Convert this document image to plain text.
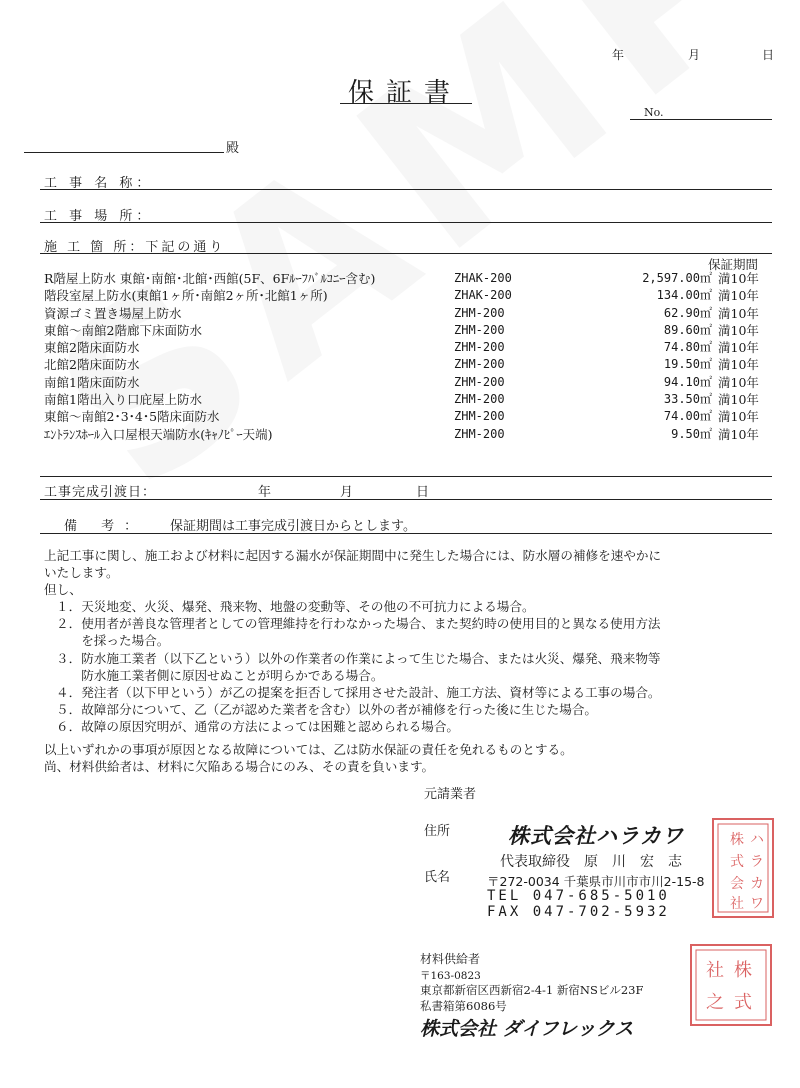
年	月	日
保証書
No.
殿
工 事 名 称：
工 事 場 所：
施 工 箇 所：下記の通り
保証期間
R階屋上防水 東館･南館･北館･西館(5F、6Fﾙｰﾌﾊﾞﾙｺﾆｰ含む)	ZHAK-200	2,597.00㎡	満10年
階段室屋上防水(東館1ヶ所･南館2ヶ所･北館1ヶ所)	ZHAK-200	134.00㎡	満10年
資源ゴミ置き場屋上防水	ZHM-200	62.90㎡	満10年
東館～南館2階廊下床面防水	ZHM-200	89.60㎡	満10年
東館2階床面防水	ZHM-200	74.80㎡	満10年
北館2階床面防水	ZHM-200	19.50㎡	満10年
南館1階床面防水	ZHM-200	94.10㎡	満10年
南館1階出入り口庇屋上防水	ZHM-200	33.50㎡	満10年
東館～南館2･3･4･5階床面防水	ZHM-200	74.00㎡	満10年
ｴﾝﾄﾗﾝｽﾎｰﾙ入口屋根天端防水(ｷｬﾉﾋﾟｰ天端)	ZHM-200	9.50㎡	満10年
工事完成引渡日：	年	月	日
備 考： 保証期間は工事完成引渡日からとします。
上記工事に関し、施工および材料に起因する漏水が保証期間中に発生した場合には、防水層の補修を速やかに
いたします。
但し、
１．天災地変、火災、爆発、飛来物、地盤の変動等、その他の不可抗力による場合。
２．使用者が善良な管理者としての管理維持を行わなかった場合、また契約時の使用目的と異なる使用方法
　　を採った場合。
３．防水施工業者（以下乙という）以外の作業者の作業によって生じた場合、または火災、爆発、飛来物等
　　防水施工業者側に原因せぬことが明らかである場合。
４．発注者（以下甲という）が乙の提案を拒否して採用させた設計、施工方法、資材等による工事の場合。
５．故障部分について、乙（乙が認めた業者を含む）以外の者が補修を行った後に生じた場合。
６．故障の原因究明が、通常の方法によっては困難と認められる場合。
以上いずれかの事項が原因となる故障については、乙は防水保証の責任を免れるものとする。
尚、材料供給者は、材料に欠陥ある場合にのみ、その責を負います。
元請業者
住所
氏名
株式会社ハラカワ
代表取締役　原　川　宏　志
〒272-0034 千葉県市川市市川2-15-8
TEL 047-685-5010
FAX 047-702-5932
株 ハ
式 ラ
会 カ
社 ワ
材料供給者
〒163-0823
東京都新宿区西新宿2-4-1 新宿NSビル23F
私書箱第6086号
株式会社 ダイフレックス
社 株
之 式
